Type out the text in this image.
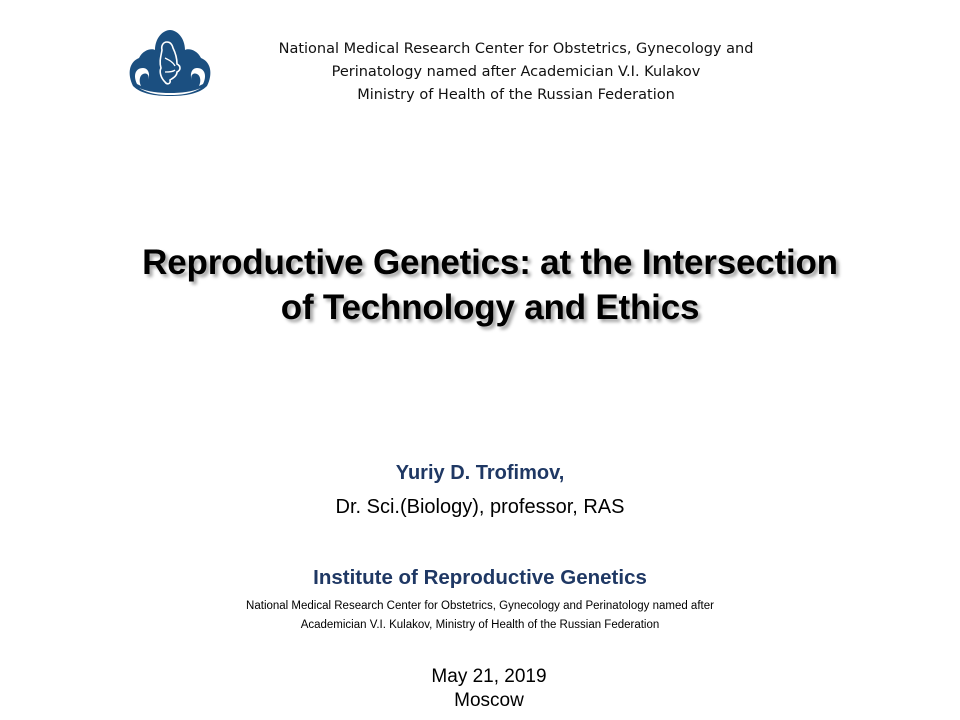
National Medical Research Center for Obstetrics, Gynecology and
Perinatology named after Academician V.I. Kulakov
Ministry of Health of the Russian Federation
Reproductive Genetics: at the Intersection
of Technology and Ethics
Yuriy D. Trofimov,
Dr. Sci.(Biology), professor, RAS
Institute of Reproductive Genetics
National Medical Research Center for Obstetrics, Gynecology and Perinatology named after
Academician V.I. Kulakov, Ministry of Health of the Russian Federation
May 21, 2019
Moscow
